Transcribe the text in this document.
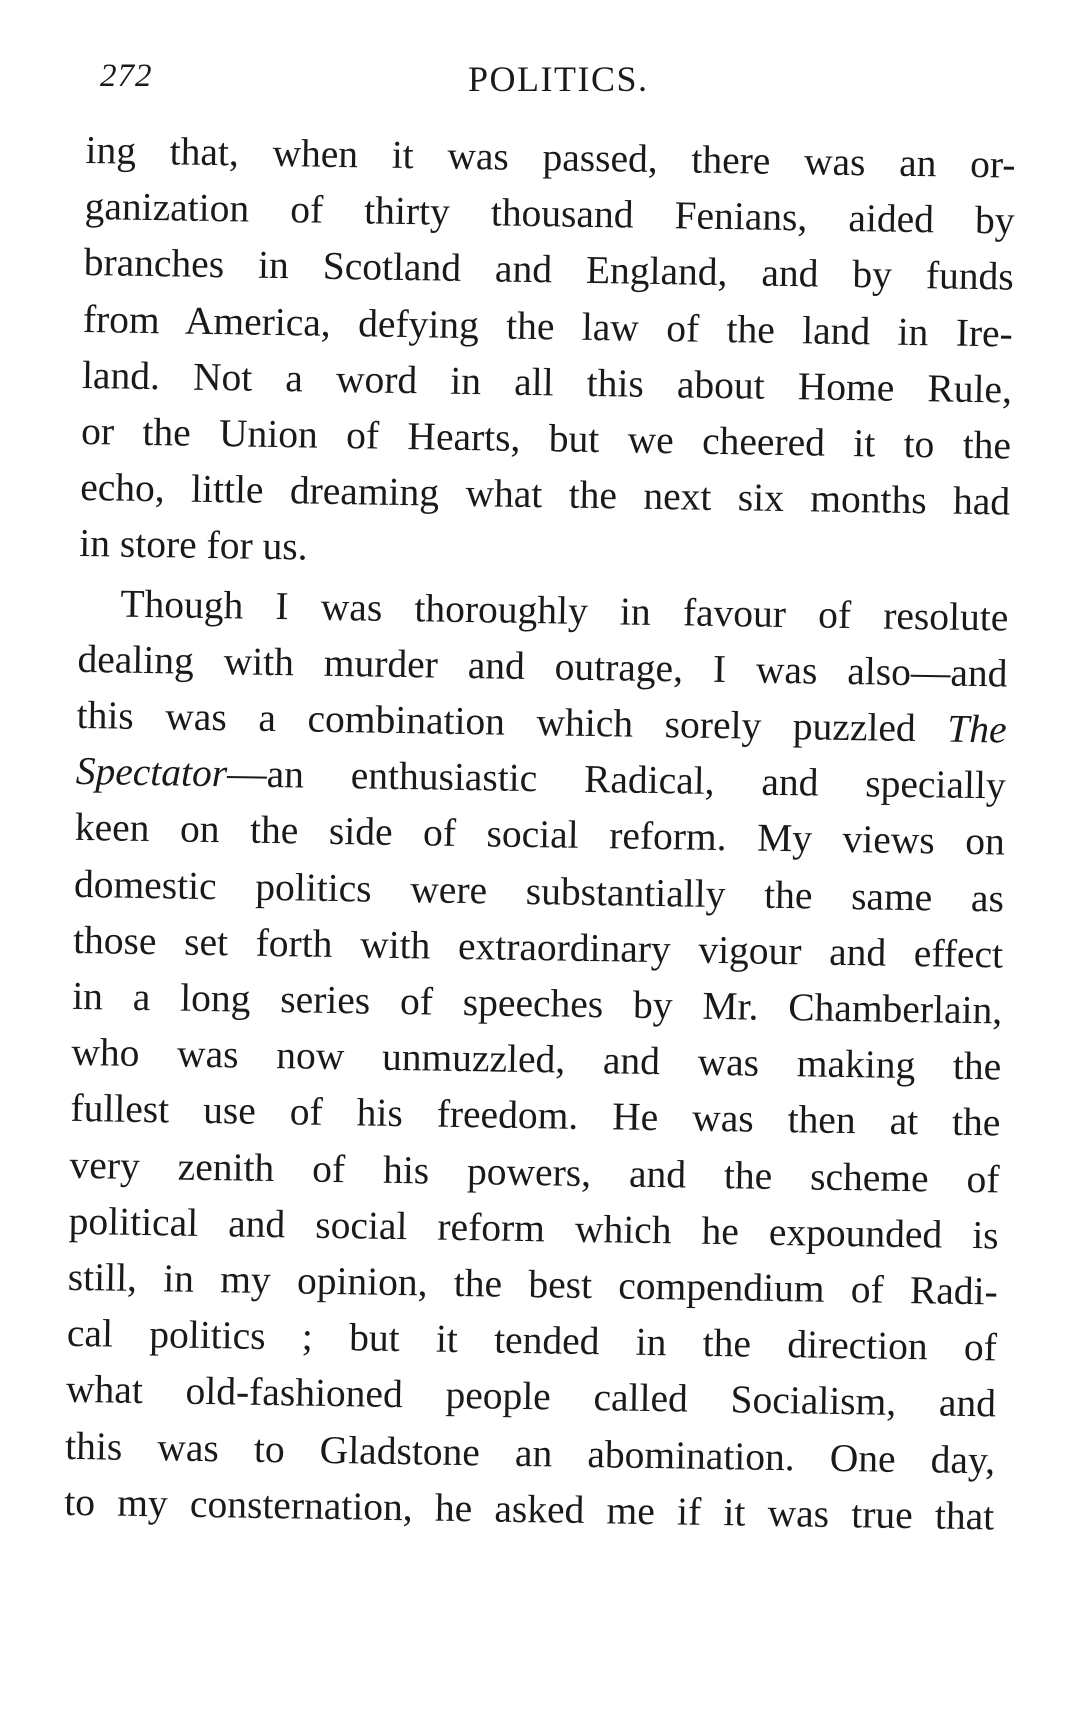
272	POLITICS.

ing that, when it was passed, there was an or-
ganization of thirty thousand Fenians, aided by
branches in Scotland and England, and by funds
from America, defying the law of the land in Ire-
land. Not a word in all this about Home Rule,
or the Union of Hearts, but we cheered it to the
echo, little dreaming what the next six months had
in store for us.

Though I was thoroughly in favour of resolute
dealing with murder and outrage, I was also—and
this was a combination which sorely puzzled The
Spectator—an enthusiastic Radical, and specially
keen on the side of social reform. My views on
domestic politics were substantially the same as
those set forth with extraordinary vigour and effect
in a long series of speeches by Mr. Chamberlain,
who was now unmuzzled, and was making the
fullest use of his freedom. He was then at the
very zenith of his powers, and the scheme of
political and social reform which he expounded is
still, in my opinion, the best compendium of Radi-
cal politics ; but it tended in the direction of
what old-fashioned people called Socialism, and
this was to Gladstone an abomination. One day,
to my consternation, he asked me if it was true that
